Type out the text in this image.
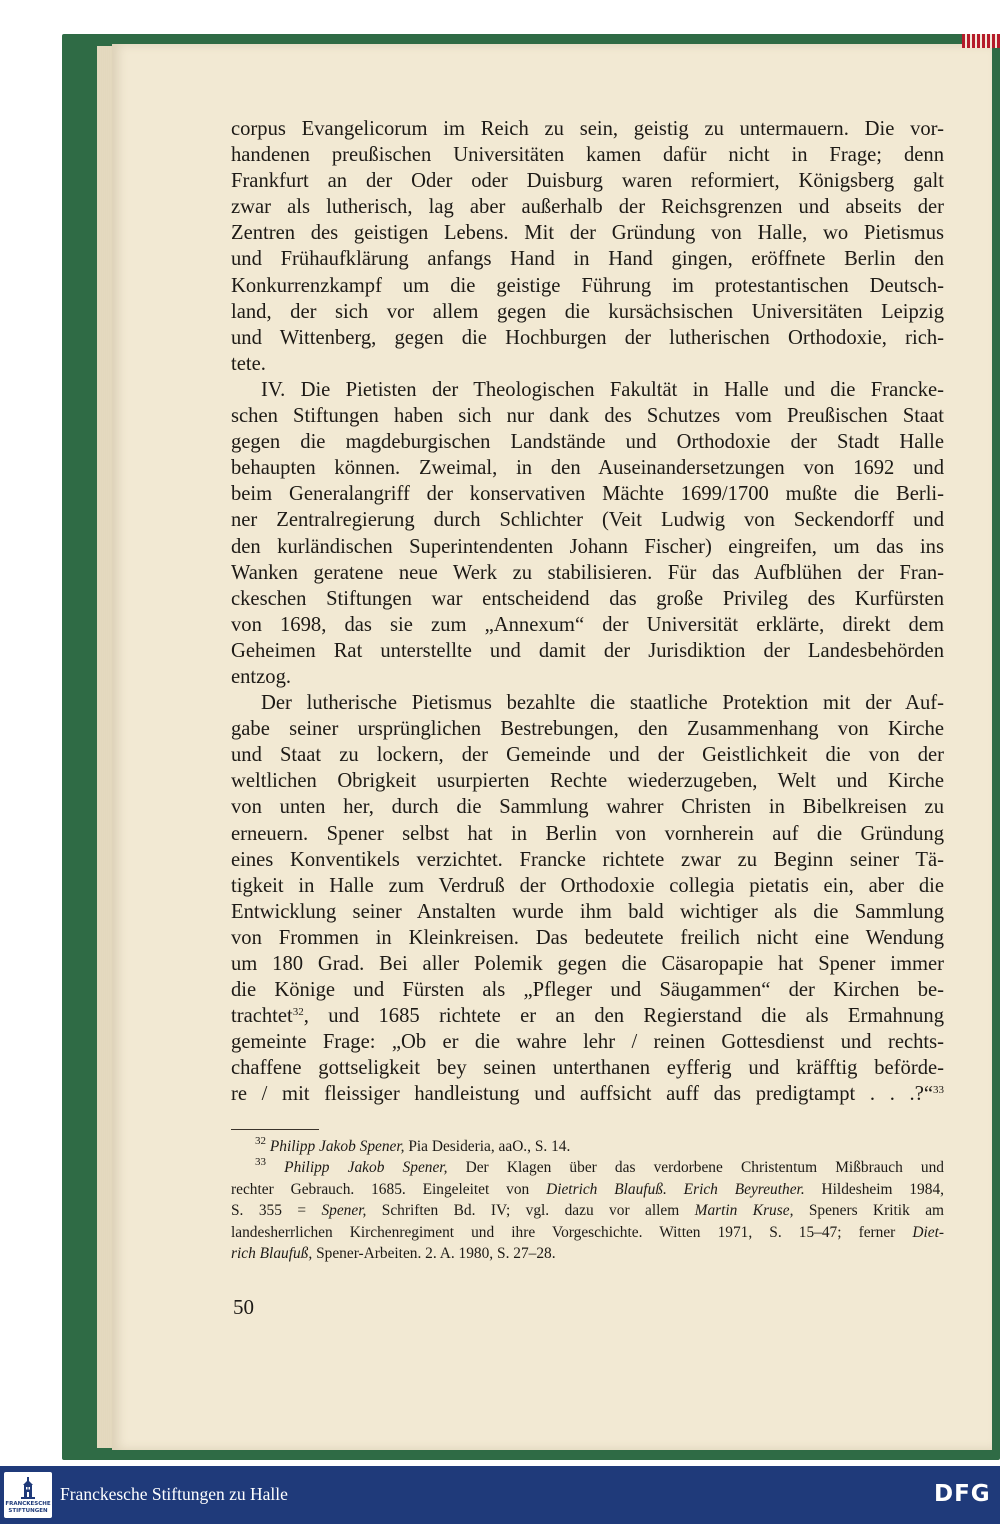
corpus Evangelicorum im Reich zu sein, geistig zu untermauern. Die vor-
handenen preußischen Universitäten kamen dafür nicht in Frage; denn
Frankfurt an der Oder oder Duisburg waren reformiert, Königsberg galt
zwar als lutherisch, lag aber außerhalb der Reichsgrenzen und abseits der
Zentren des geistigen Lebens. Mit der Gründung von Halle, wo Pietismus
und Frühaufklärung anfangs Hand in Hand gingen, eröffnete Berlin den
Konkurrenzkampf um die geistige Führung im protestantischen Deutsch-
land, der sich vor allem gegen die kursächsischen Universitäten Leipzig
und Wittenberg, gegen die Hochburgen der lutherischen Orthodoxie, rich-
tete.
IV. Die Pietisten der Theologischen Fakultät in Halle und die Francke-
schen Stiftungen haben sich nur dank des Schutzes vom Preußischen Staat
gegen die magdeburgischen Landstände und Orthodoxie der Stadt Halle
behaupten können. Zweimal, in den Auseinandersetzungen von 1692 und
beim Generalangriff der konservativen Mächte 1699/1700 mußte die Berli-
ner Zentralregierung durch Schlichter (Veit Ludwig von Seckendorff und
den kurländischen Superintendenten Johann Fischer) eingreifen, um das ins
Wanken geratene neue Werk zu stabilisieren. Für das Aufblühen der Fran-
ckeschen Stiftungen war entscheidend das große Privileg des Kurfürsten
von 1698, das sie zum „Annexum“ der Universität erklärte, direkt dem
Geheimen Rat unterstellte und damit der Jurisdiktion der Landesbehörden
entzog.
Der lutherische Pietismus bezahlte die staatliche Protektion mit der Auf-
gabe seiner ursprünglichen Bestrebungen, den Zusammenhang von Kirche
und Staat zu lockern, der Gemeinde und der Geistlichkeit die von der
weltlichen Obrigkeit usurpierten Rechte wiederzugeben, Welt und Kirche
von unten her, durch die Sammlung wahrer Christen in Bibelkreisen zu
erneuern. Spener selbst hat in Berlin von vornherein auf die Gründung
eines Konventikels verzichtet. Francke richtete zwar zu Beginn seiner Tä-
tigkeit in Halle zum Verdruß der Orthodoxie collegia pietatis ein, aber die
Entwicklung seiner Anstalten wurde ihm bald wichtiger als die Sammlung
von Frommen in Kleinkreisen. Das bedeutete freilich nicht eine Wendung
um 180 Grad. Bei aller Polemik gegen die Cäsaropapie hat Spener immer
die Könige und Fürsten als „Pfleger und Säugammen“ der Kirchen be-
trachtet$^{32}$, und 1685 richtete er an den Regierstand die als Ermahnung
gemeinte Frage: „Ob er die wahre lehr / reinen Gottesdienst und rechts-
chaffene gottseligkeit bey seinen unterthanen eyfferig und kräfftig beförde-
re / mit fleissiger handleistung und auffsicht auff das predigtampt . . .?“$^{33}$
$^{32}$ Philipp Jakob Spener, Pia Desideria, aaO., S. 14.
$^{33}$ Philipp Jakob Spener, Der Klagen über das verdorbene Christentum Mißbrauch und
rechter Gebrauch. 1685. Eingeleitet von Dietrich Blaufuß. Erich Beyreuther. Hildesheim 1984,
S. 355 = Spener, Schriften Bd. IV; vgl. dazu vor allem Martin Kruse, Speners Kritik am
landesherrlichen Kirchenregiment und ihre Vorgeschichte. Witten 1971, S. 15–47; ferner Diet-
rich Blaufuß, Spener-Arbeiten. 2. A. 1980, S. 27–28.
50
FRANCKESCHE
STIFTUNGEN
Franckesche Stiftungen zu Halle	DFG
